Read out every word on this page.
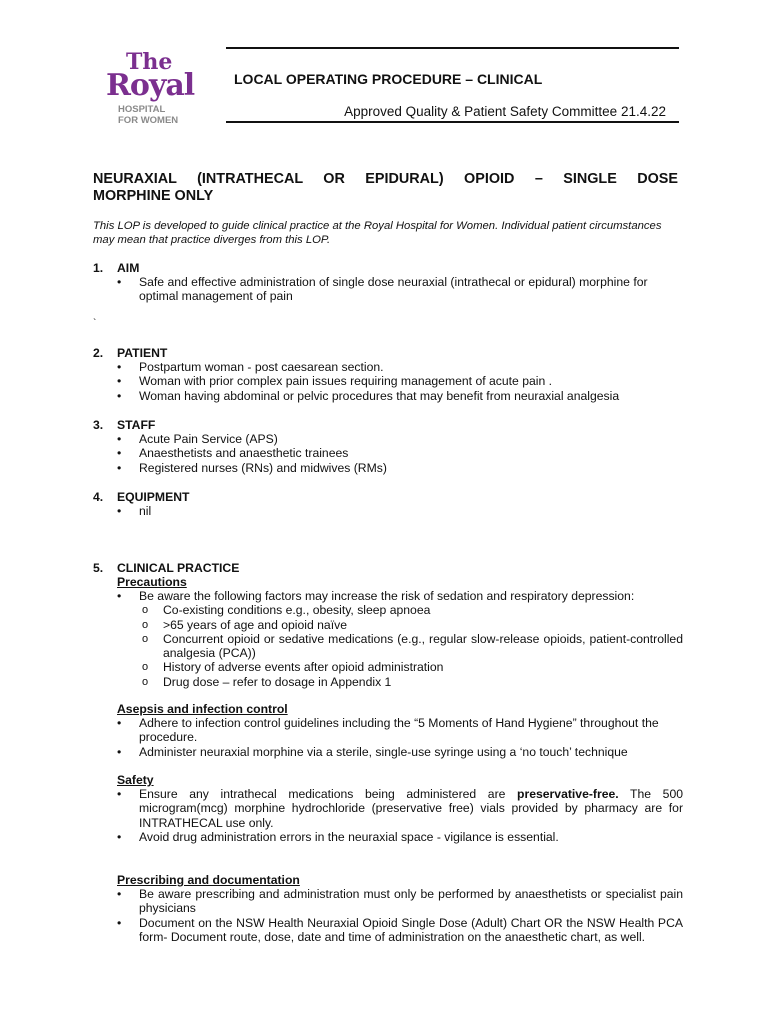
The
Royal
HOSPITAL
FOR WOMEN
LOCAL OPERATING PROCEDURE – CLINICAL
Approved Quality & Patient Safety Committee 21.4.22
NEURAXIAL (INTRATHECAL OR EPIDURAL) OPIOID – SINGLE DOSE
MORPHINE ONLY
This LOP is developed to guide clinical practice at the Royal Hospital for Women. Individual patient circumstances may mean that practice diverges from this LOP.
1. AIM
• Safe and effective administration of single dose neuraxial (intrathecal or epidural) morphine for optimal management of pain
`
2. PATIENT
• Postpartum woman - post caesarean section.
• Woman with prior complex pain issues requiring management of acute pain .
• Woman having abdominal or pelvic procedures that may benefit from neuraxial analgesia
3. STAFF
• Acute Pain Service (APS)
• Anaesthetists and anaesthetic trainees
• Registered nurses (RNs) and midwives (RMs)
4. EQUIPMENT
• nil
5. CLINICAL PRACTICE
Precautions
• Be aware the following factors may increase the risk of sedation and respiratory depression:
o Co-existing conditions e.g., obesity, sleep apnoea
o >65 years of age and opioid naïve
o Concurrent opioid or sedative medications (e.g., regular slow-release opioids, patient-controlled analgesia (PCA))
o History of adverse events after opioid administration
o Drug dose – refer to dosage in Appendix 1
Asepsis and infection control
• Adhere to infection control guidelines including the “5 Moments of Hand Hygiene” throughout the procedure.
• Administer neuraxial morphine via a sterile, single-use syringe using a ‘no touch’ technique
Safety
• Ensure any intrathecal medications being administered are preservative-free. The 500 microgram(mcg) morphine hydrochloride (preservative free) vials provided by pharmacy are for INTRATHECAL use only.
• Avoid drug administration errors in the neuraxial space - vigilance is essential.
Prescribing and documentation
• Be aware prescribing and administration must only be performed by anaesthetists or specialist pain physicians
• Document on the NSW Health Neuraxial Opioid Single Dose (Adult) Chart OR the NSW Health PCA form- Document route, dose, date and time of administration on the anaesthetic chart, as well.
